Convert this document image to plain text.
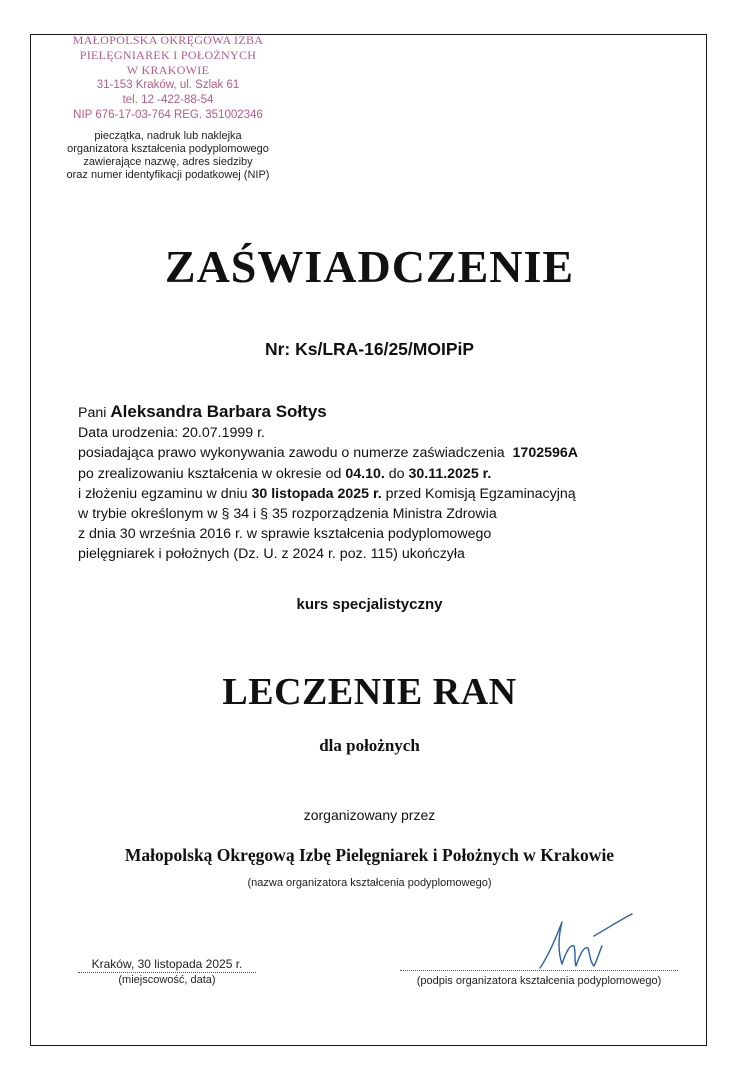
MAŁOPOLSKA OKRĘGOWA IZBA
PIELĘGNIAREK I POŁOŻNYCH
W KRAKOWIE
31-153 Kraków, ul. Szlak 61
tel. 12 -422-88-54
NIP 676-17-03-764 REG. 351002346
pieczątka, nadruk lub naklejka
organizatora kształcenia podyplomowego
zawierające nazwę, adres siedziby
oraz numer identyfikacji podatkowej (NIP)
ZAŚWIADCZENIE
Nr: Ks/LRA-16/25/MOIPiP
Pani Aleksandra Barbara Sołtys
Data urodzenia: 20.07.1999 r.
posiadająca prawo wykonywania zawodu o numerze zaświadczenia 1702596A
po zrealizowaniu kształcenia w okresie od 04.10. do 30.11.2025 r.
i złożeniu egzaminu w dniu 30 listopada 2025 r. przed Komisją Egzaminacyjną
w trybie określonym w § 34 i § 35 rozporządzenia Ministra Zdrowia
z dnia 30 września 2016 r. w sprawie kształcenia podyplomowego
pielęgniarek i położnych (Dz. U. z 2024 r. poz. 115) ukończyła
kurs specjalistyczny
LECZENIE RAN
dla położnych
zorganizowany przez
Małopolską Okręgową Izbę Pielęgniarek i Położnych w Krakowie
(nazwa organizatora kształcenia podyplomowego)
Kraków, 30 listopada 2025 r.
(miejscowość, data)	(podpis organizatora kształcenia podyplomowego)
